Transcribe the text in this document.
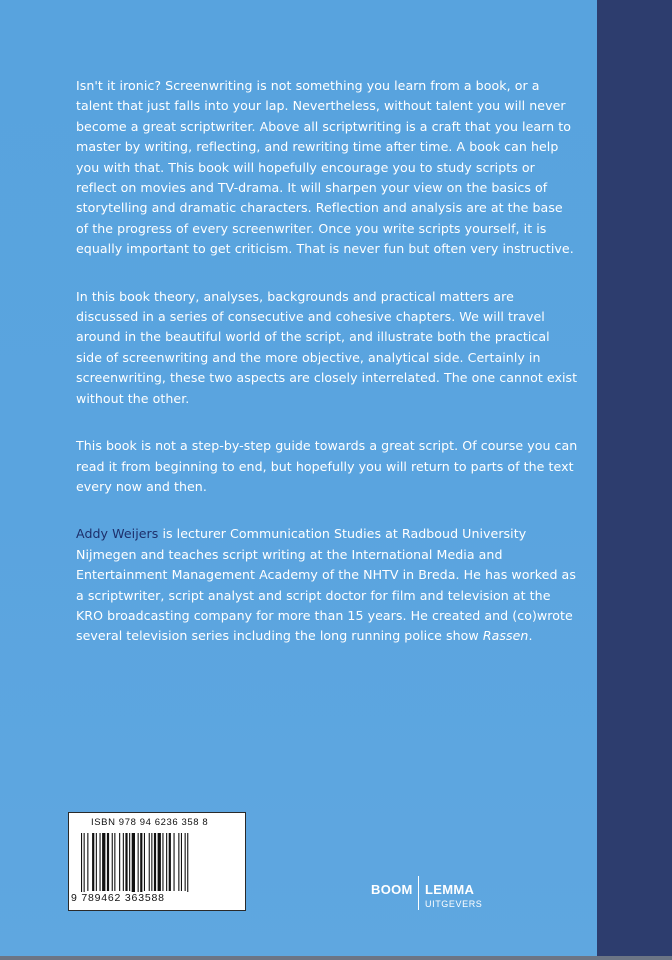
Isn't it ironic? Screenwriting is not something you learn from a book, or a talent that just falls into your lap. Nevertheless, without talent you will never become a great scriptwriter. Above all scriptwriting is a craft that you learn to master by writing, reflecting, and rewriting time after time. A book can help you with that. This book will hopefully encourage you to study scripts or reflect on movies and TV-drama. It will sharpen your view on the basics of storytelling and dramatic characters. Reflection and analysis are at the base of the progress of every screenwriter. Once you write scripts yourself, it is equally important to get criticism. That is never fun but often very instructive.

In this book theory, analyses, backgrounds and practical matters are discussed in a series of consecutive and cohesive chapters. We will travel around in the beautiful world of the script, and illustrate both the practical side of screenwriting and the more objective, analytical side. Certainly in screenwriting, these two aspects are closely interrelated. The one cannot exist without the other.

This book is not a step-by-step guide towards a great script. Of course you can read it from beginning to end, but hopefully you will return to parts of the text every now and then.

Addy Weijers is lecturer Communication Studies at Radboud University Nijmegen and teaches script writing at the International Media and Entertainment Management Academy of the NHTV in Breda. He has worked as a scriptwriter, script analyst and script doctor for film and television at the KRO broadcasting company for more than 15 years. He created and (co)wrote several television series including the long running police show Rassen.

ISBN 978 94 6236 358 8
9 789462 363588
BOOM LEMMA
UITGEVERS
